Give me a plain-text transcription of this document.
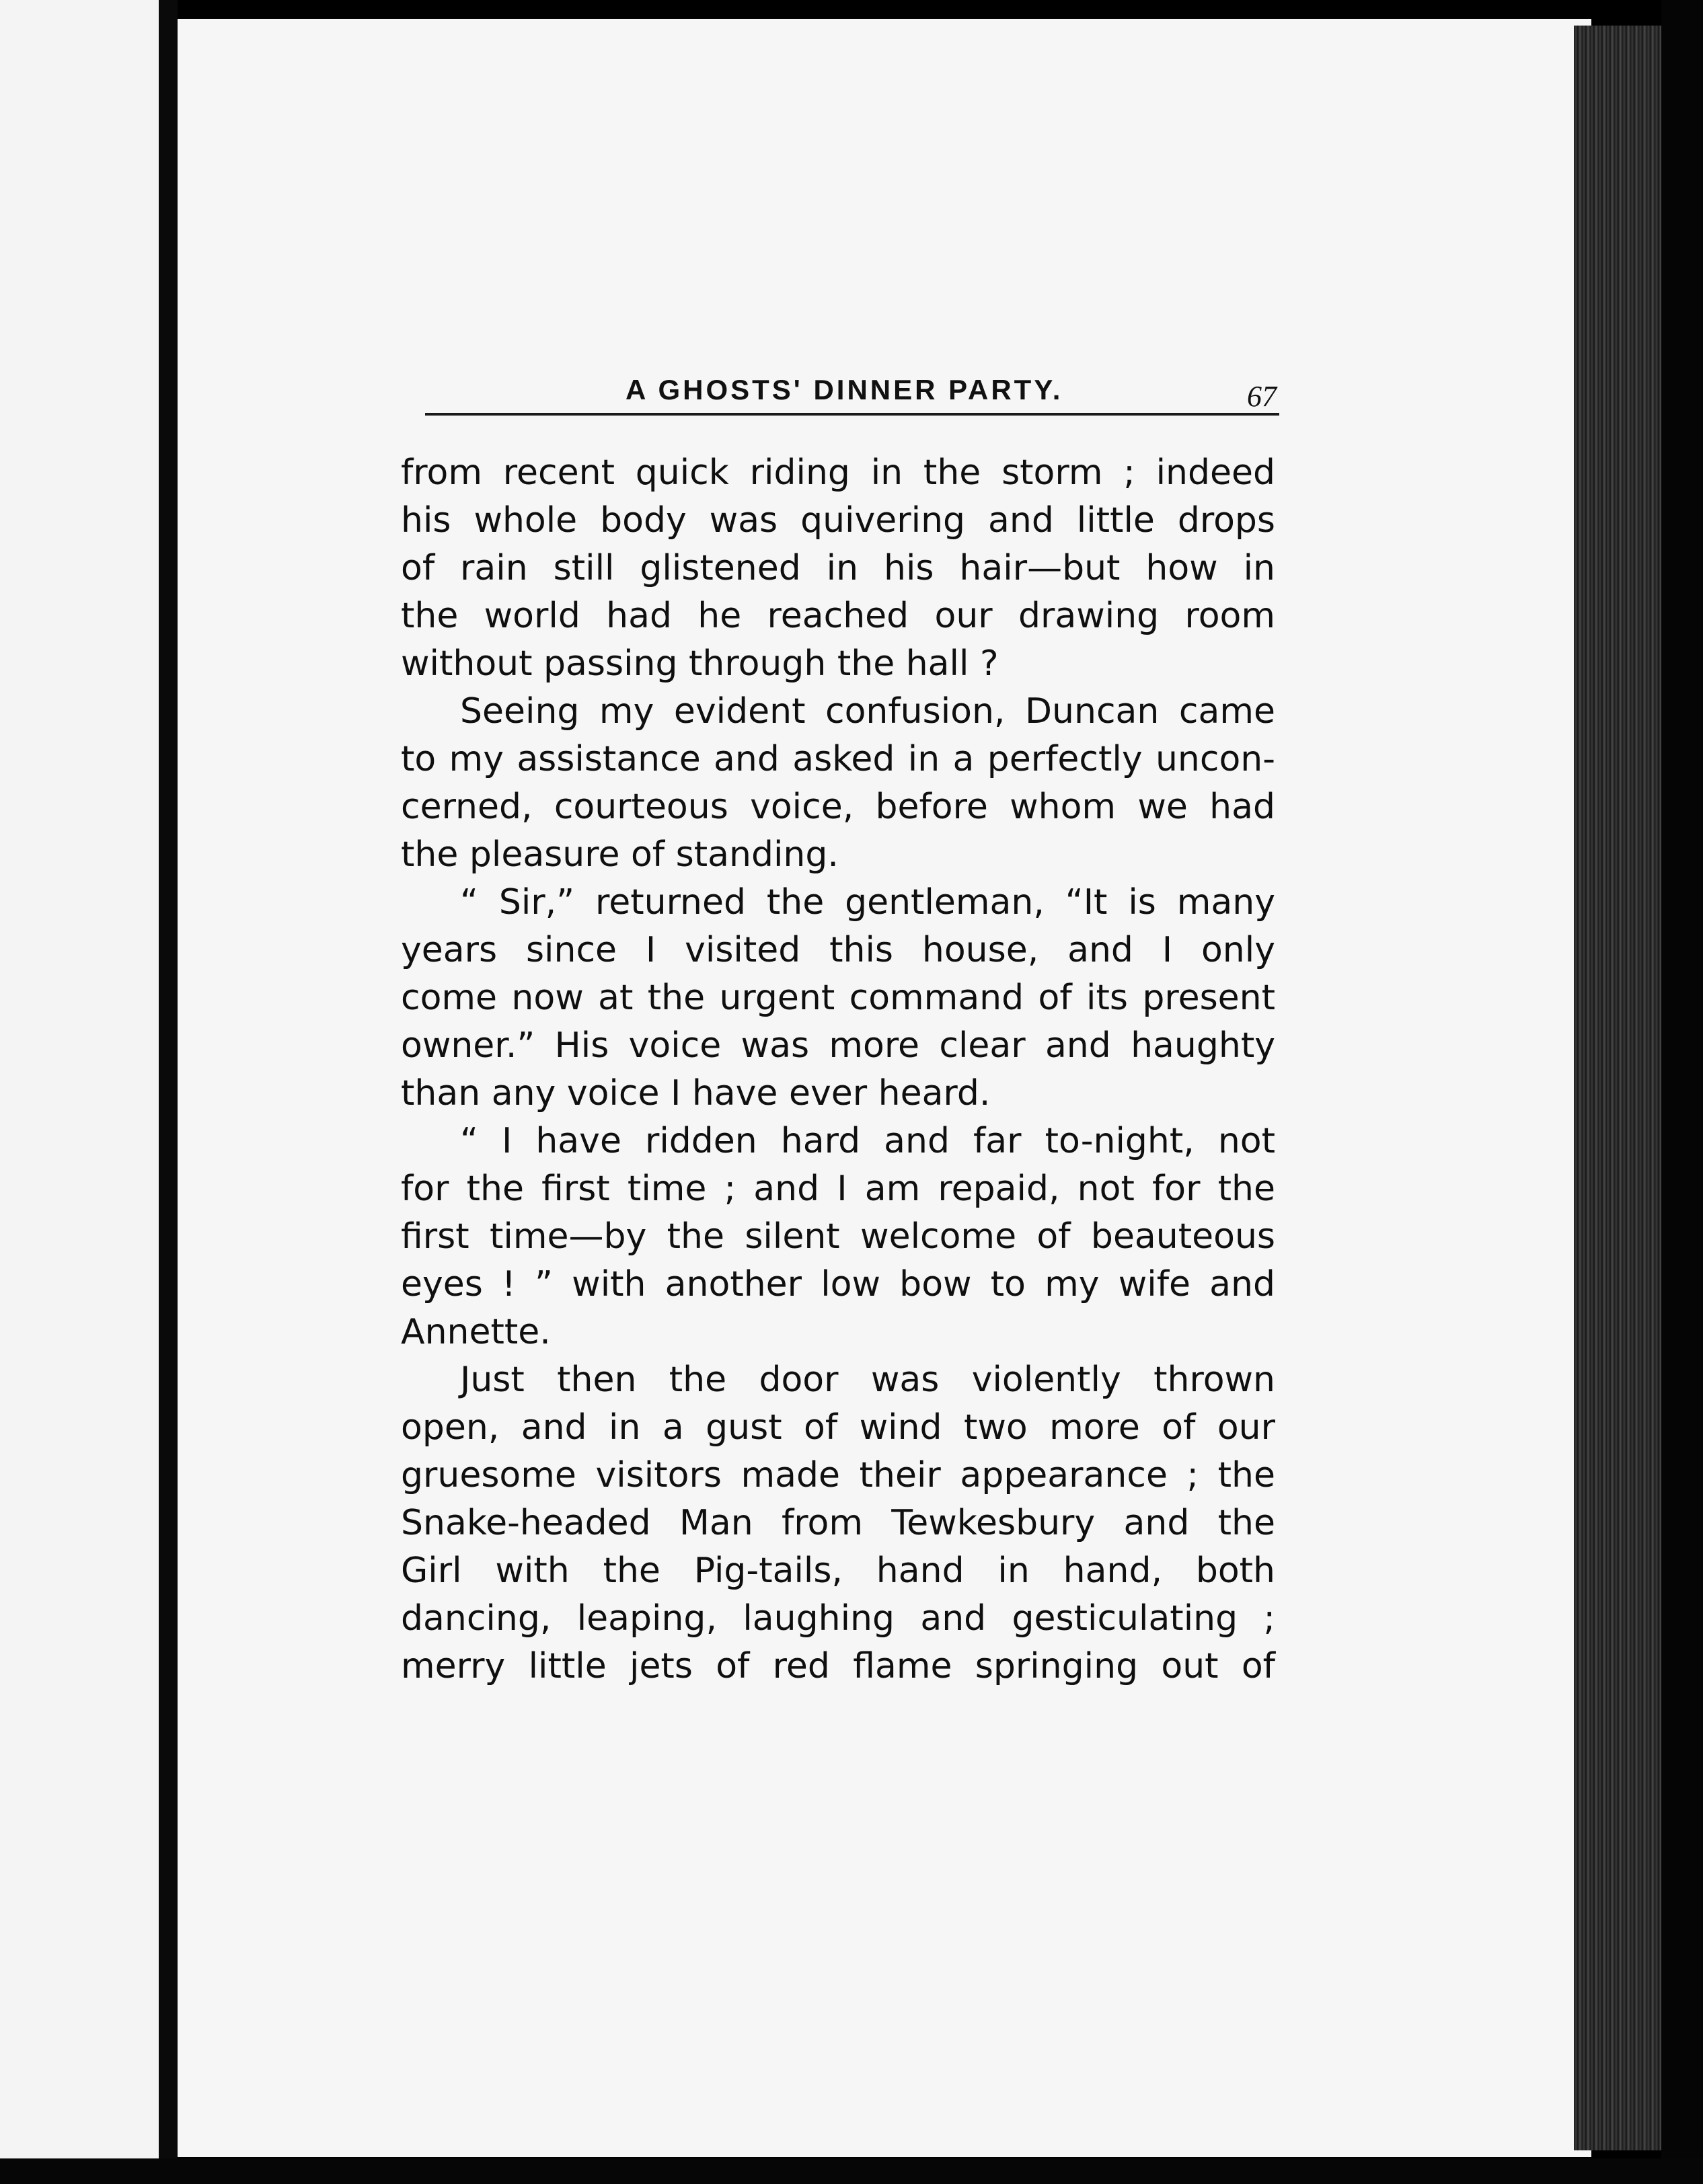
A GHOSTS' DINNER PARTY.	67
from recent quick riding in the storm ; indeed
his whole body was quivering and little drops
of rain still glistened in his hair—but how in
the world had he reached our drawing room
without passing through the hall ?
Seeing my evident confusion, Duncan came
to my assistance and asked in a perfectly uncon-
cerned, courteous voice, before whom we had
the pleasure of standing.
“ Sir,” returned the gentleman, “It is many
years since I visited this house, and I only
come now at the urgent command of its present
owner.” His voice was more clear and haughty
than any voice I have ever heard.
“ I have ridden hard and far to-night, not
for the first time ; and I am repaid, not for the
first time—by the silent welcome of beauteous
eyes ! ” with another low bow to my wife and
Annette.
Just then the door was violently thrown
open, and in a gust of wind two more of our
gruesome visitors made their appearance ; the
Snake-headed Man from Tewkesbury and the
Girl with the Pig-tails, hand in hand, both
dancing, leaping, laughing and gesticulating ;
merry little jets of red flame springing out of
